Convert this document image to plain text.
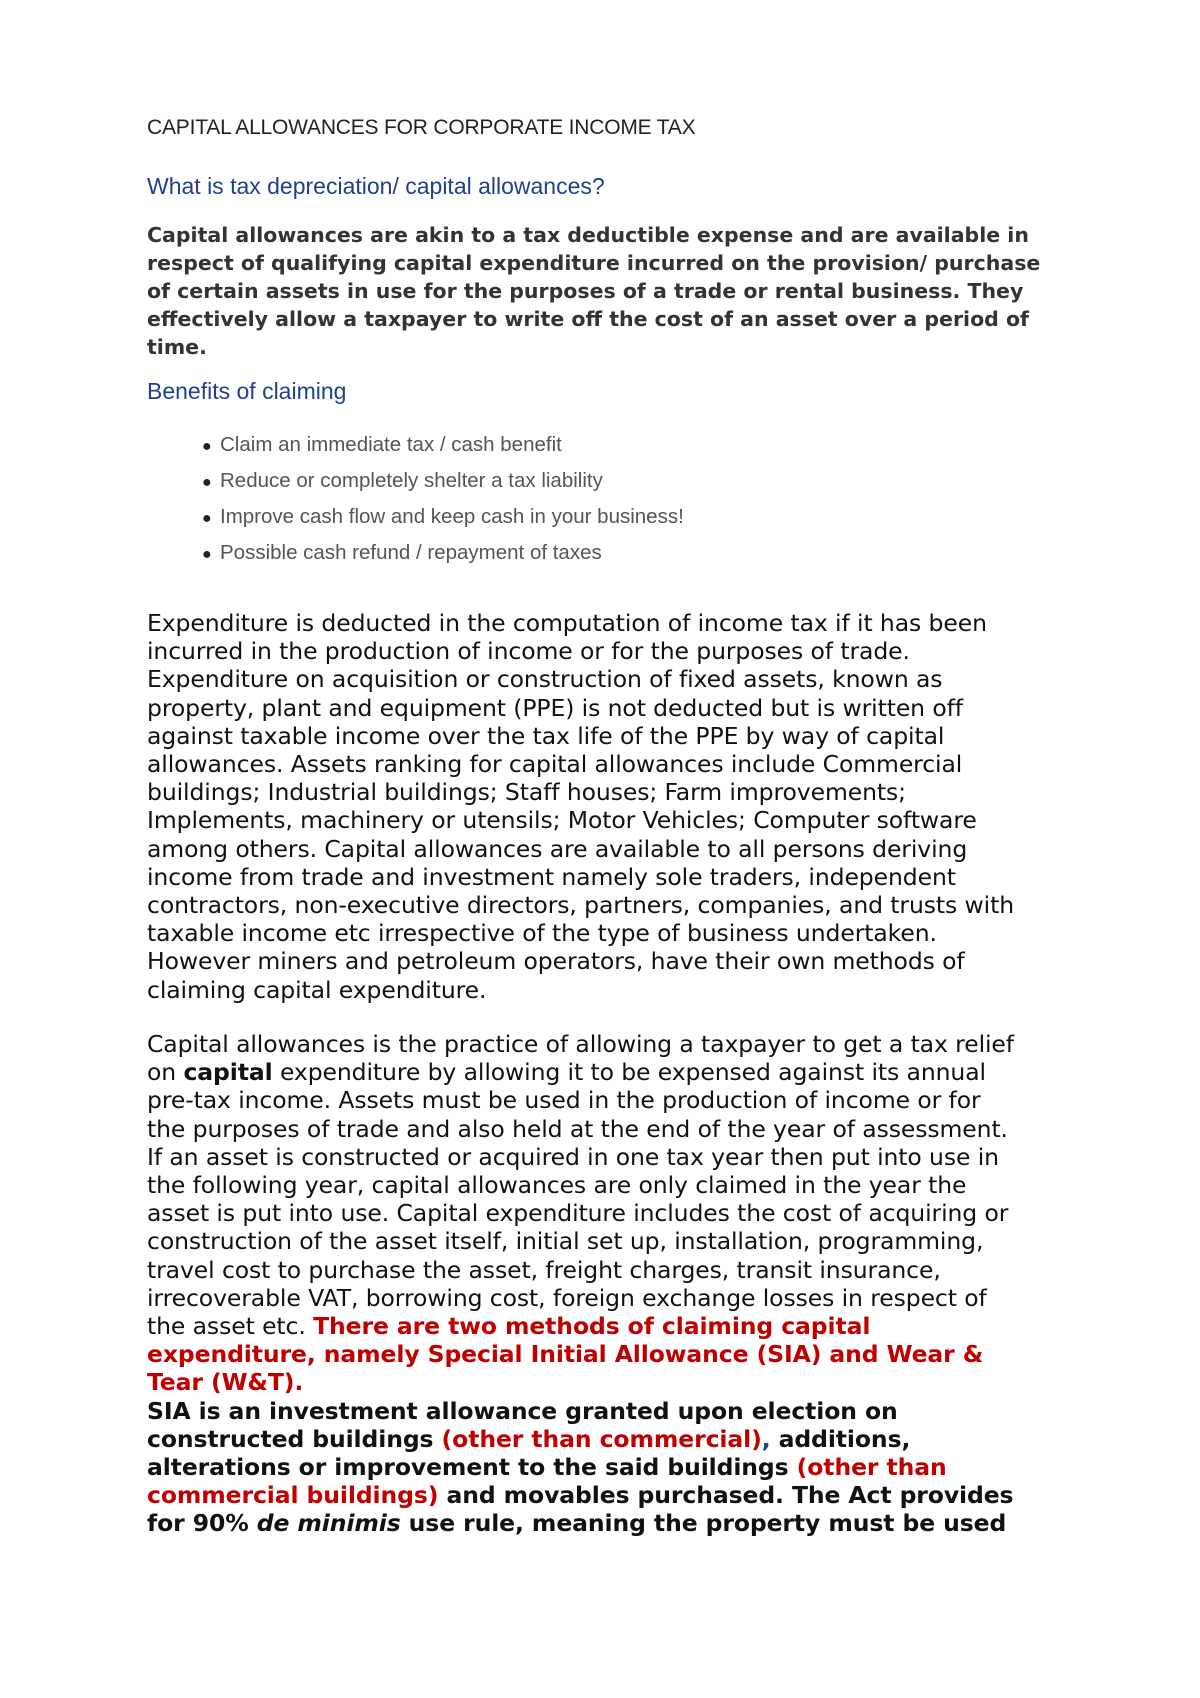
CAPITAL ALLOWANCES FOR CORPORATE INCOME TAX
What is tax depreciation/ capital allowances?

Capital allowances are akin to a tax deductible expense and are available in
respect of qualifying capital expenditure incurred on the provision/ purchase
of certain assets in use for the purposes of a trade or rental business. They
effectively allow a taxpayer to write off the cost of an asset over a period of
time.

Benefits of claiming
● Claim an immediate tax / cash benefit
● Reduce or completely shelter a tax liability
● Improve cash flow and keep cash in your business!
● Possible cash refund / repayment of taxes

Expenditure is deducted in the computation of income tax if it has been
incurred in the production of income or for the purposes of trade.
Expenditure on acquisition or construction of fixed assets, known as
property, plant and equipment (PPE) is not deducted but is written off
against taxable income over the tax life of the PPE by way of capital
allowances. Assets ranking for capital allowances include Commercial
buildings; Industrial buildings; Staff houses; Farm improvements;
Implements, machinery or utensils; Motor Vehicles; Computer software
among others. Capital allowances are available to all persons deriving
income from trade and investment namely sole traders, independent
contractors, non-executive directors, partners, companies, and trusts with
taxable income etc irrespective of the type of business undertaken.
However miners and petroleum operators, have their own methods of
claiming capital expenditure.

Capital allowances is the practice of allowing a taxpayer to get a tax relief
on capital expenditure by allowing it to be expensed against its annual
pre-tax income. Assets must be used in the production of income or for
the purposes of trade and also held at the end of the year of assessment.
If an asset is constructed or acquired in one tax year then put into use in
the following year, capital allowances are only claimed in the year the
asset is put into use. Capital expenditure includes the cost of acquiring or
construction of the asset itself, initial set up, installation, programming,
travel cost to purchase the asset, freight charges, transit insurance,
irrecoverable VAT, borrowing cost, foreign exchange losses in respect of
the asset etc. There are two methods of claiming capital
expenditure, namely Special Initial Allowance (SIA) and Wear &
Tear (W&T).
SIA is an investment allowance granted upon election on
constructed buildings (other than commercial), additions,
alterations or improvement to the said buildings (other than
commercial buildings) and movables purchased. The Act provides
for 90% de minimis use rule, meaning the property must be used
